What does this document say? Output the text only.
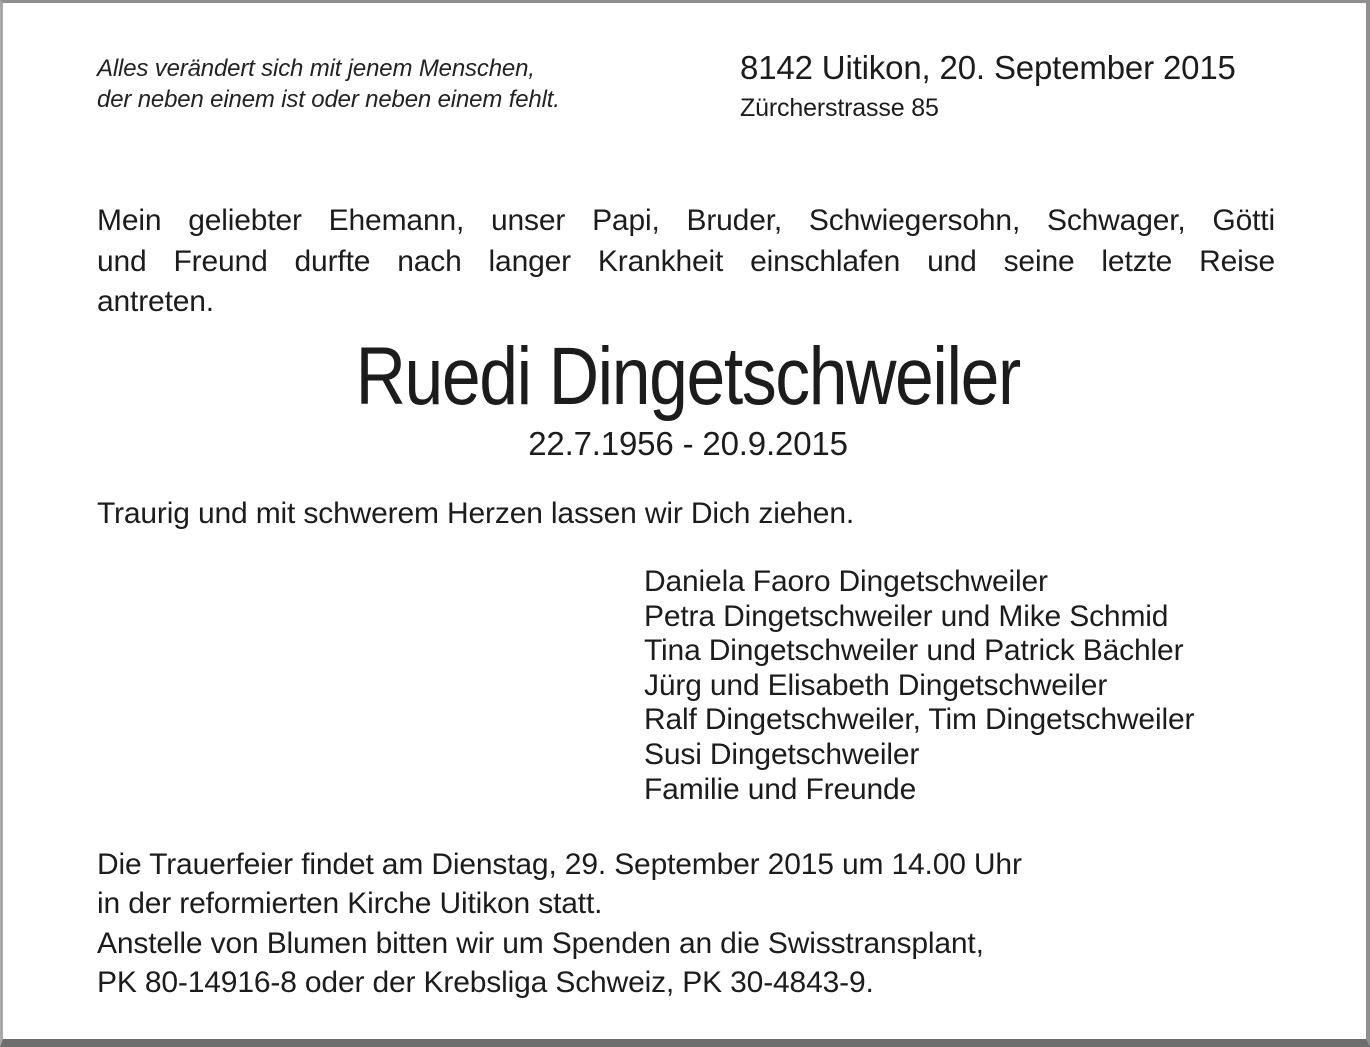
Alles verändert sich mit jenem Menschen,
der neben einem ist oder neben einem fehlt.
8142 Uitikon, 20. September 2015
Zürcherstrasse 85
Mein geliebter Ehemann, unser Papi, Bruder, Schwiegersohn, Schwager, Götti
und Freund durfte nach langer Krankheit einschlafen und seine letzte Reise
antreten.
Ruedi Dingetschweiler
22.7.1956 - 20.9.2015
Traurig und mit schwerem Herzen lassen wir Dich ziehen.
Daniela Faoro Dingetschweiler
Petra Dingetschweiler und Mike Schmid
Tina Dingetschweiler und Patrick Bächler
Jürg und Elisabeth Dingetschweiler
Ralf Dingetschweiler, Tim Dingetschweiler
Susi Dingetschweiler
Familie und Freunde
Die Trauerfeier findet am Dienstag, 29. September 2015 um 14.00 Uhr
in der reformierten Kirche Uitikon statt.
Anstelle von Blumen bitten wir um Spenden an die Swisstransplant,
PK 80-14916-8 oder der Krebsliga Schweiz, PK 30-4843-9.
